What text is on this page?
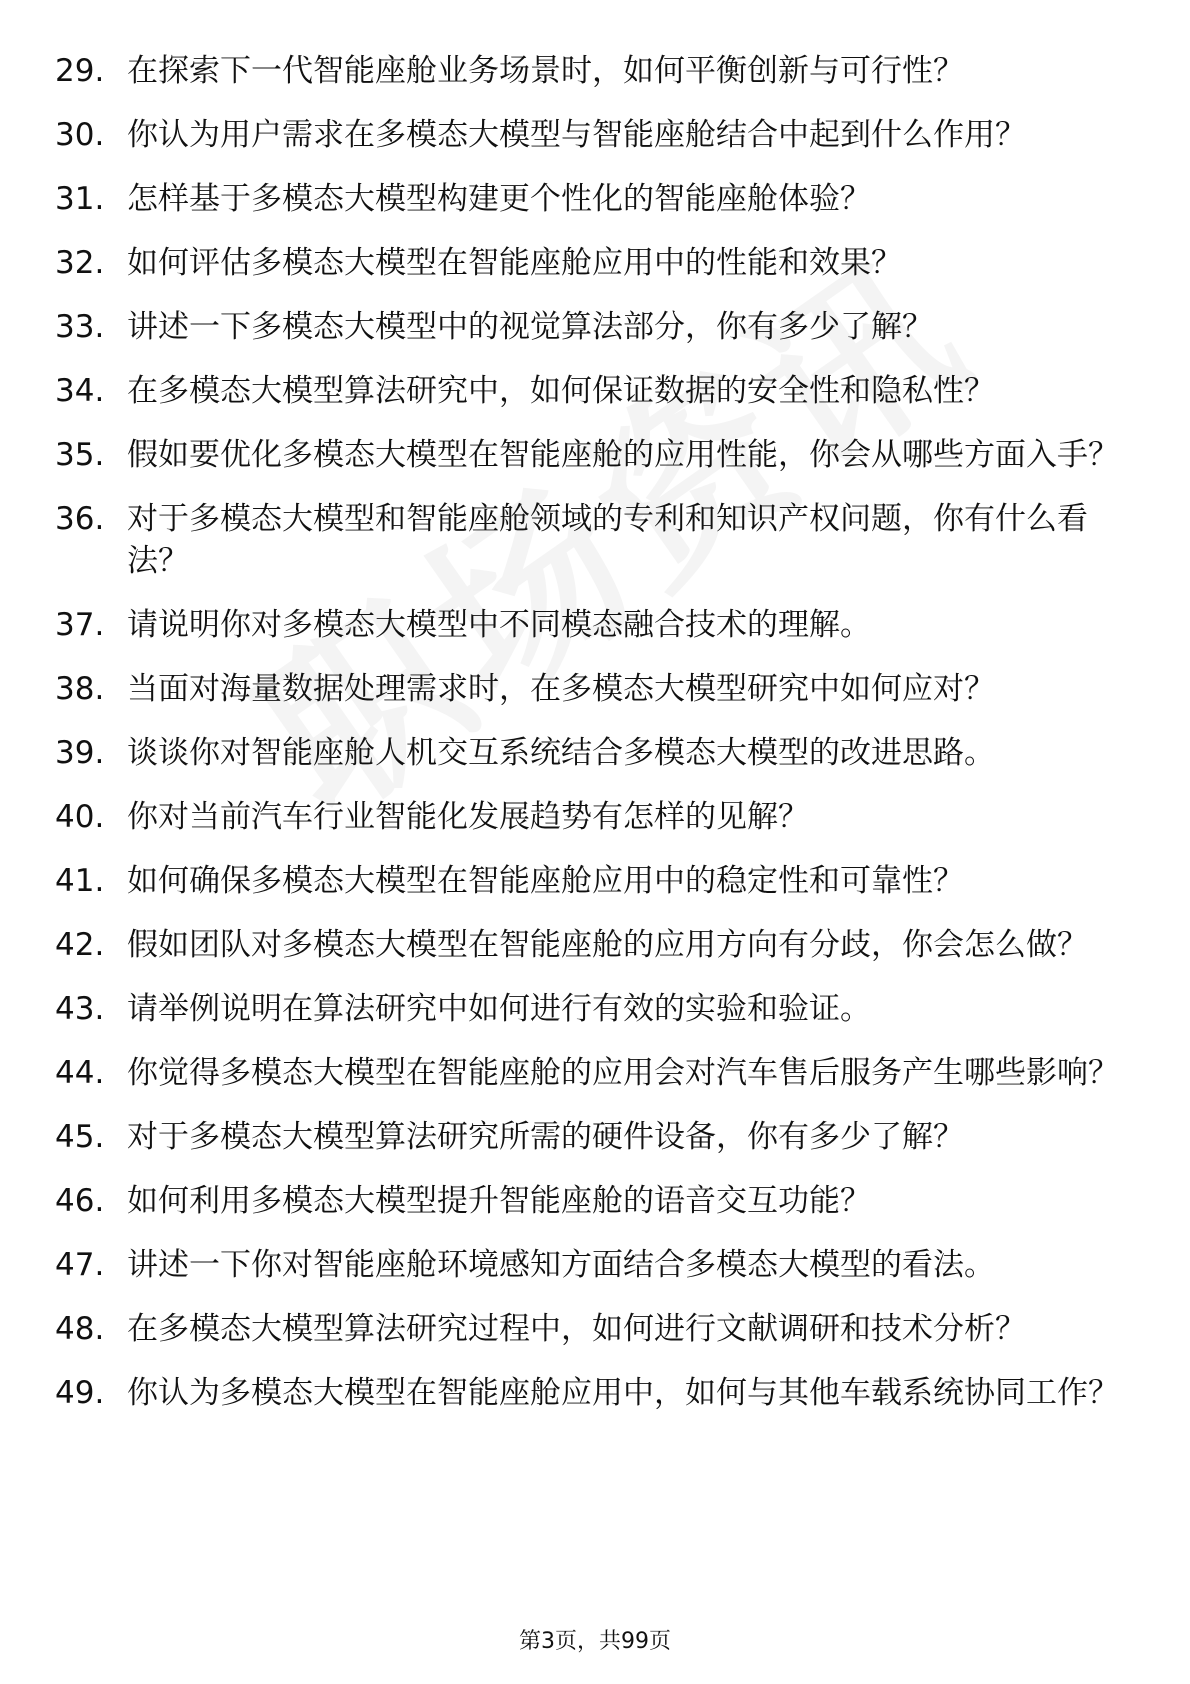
29. 在探索下一代智能座舱业务场景时，如何平衡创新与可行性？
30. 你认为用户需求在多模态大模型与智能座舱结合中起到什么作用？
31. 怎样基于多模态大模型构建更个性化的智能座舱体验？
32. 如何评估多模态大模型在智能座舱应用中的性能和效果？
33. 讲述一下多模态大模型中的视觉算法部分，你有多少了解？
34. 在多模态大模型算法研究中，如何保证数据的安全性和隐私性？
35. 假如要优化多模态大模型在智能座舱的应用性能，你会从哪些方面入手？
36. 对于多模态大模型和智能座舱领域的专利和知识产权问题，你有什么看法？
37. 请说明你对多模态大模型中不同模态融合技术的理解。
38. 当面对海量数据处理需求时，在多模态大模型研究中如何应对？
39. 谈谈你对智能座舱人机交互系统结合多模态大模型的改进思路。
40. 你对当前汽车行业智能化发展趋势有怎样的见解？
41. 如何确保多模态大模型在智能座舱应用中的稳定性和可靠性？
42. 假如团队对多模态大模型在智能座舱的应用方向有分歧，你会怎么做？
43. 请举例说明在算法研究中如何进行有效的实验和验证。
44. 你觉得多模态大模型在智能座舱的应用会对汽车售后服务产生哪些影响？
45. 对于多模态大模型算法研究所需的硬件设备，你有多少了解？
46. 如何利用多模态大模型提升智能座舱的语音交互功能？
47. 讲述一下你对智能座舱环境感知方面结合多模态大模型的看法。
48. 在多模态大模型算法研究过程中，如何进行文献调研和技术分析？
49. 你认为多模态大模型在智能座舱应用中，如何与其他车载系统协同工作？
第3页，共99页
